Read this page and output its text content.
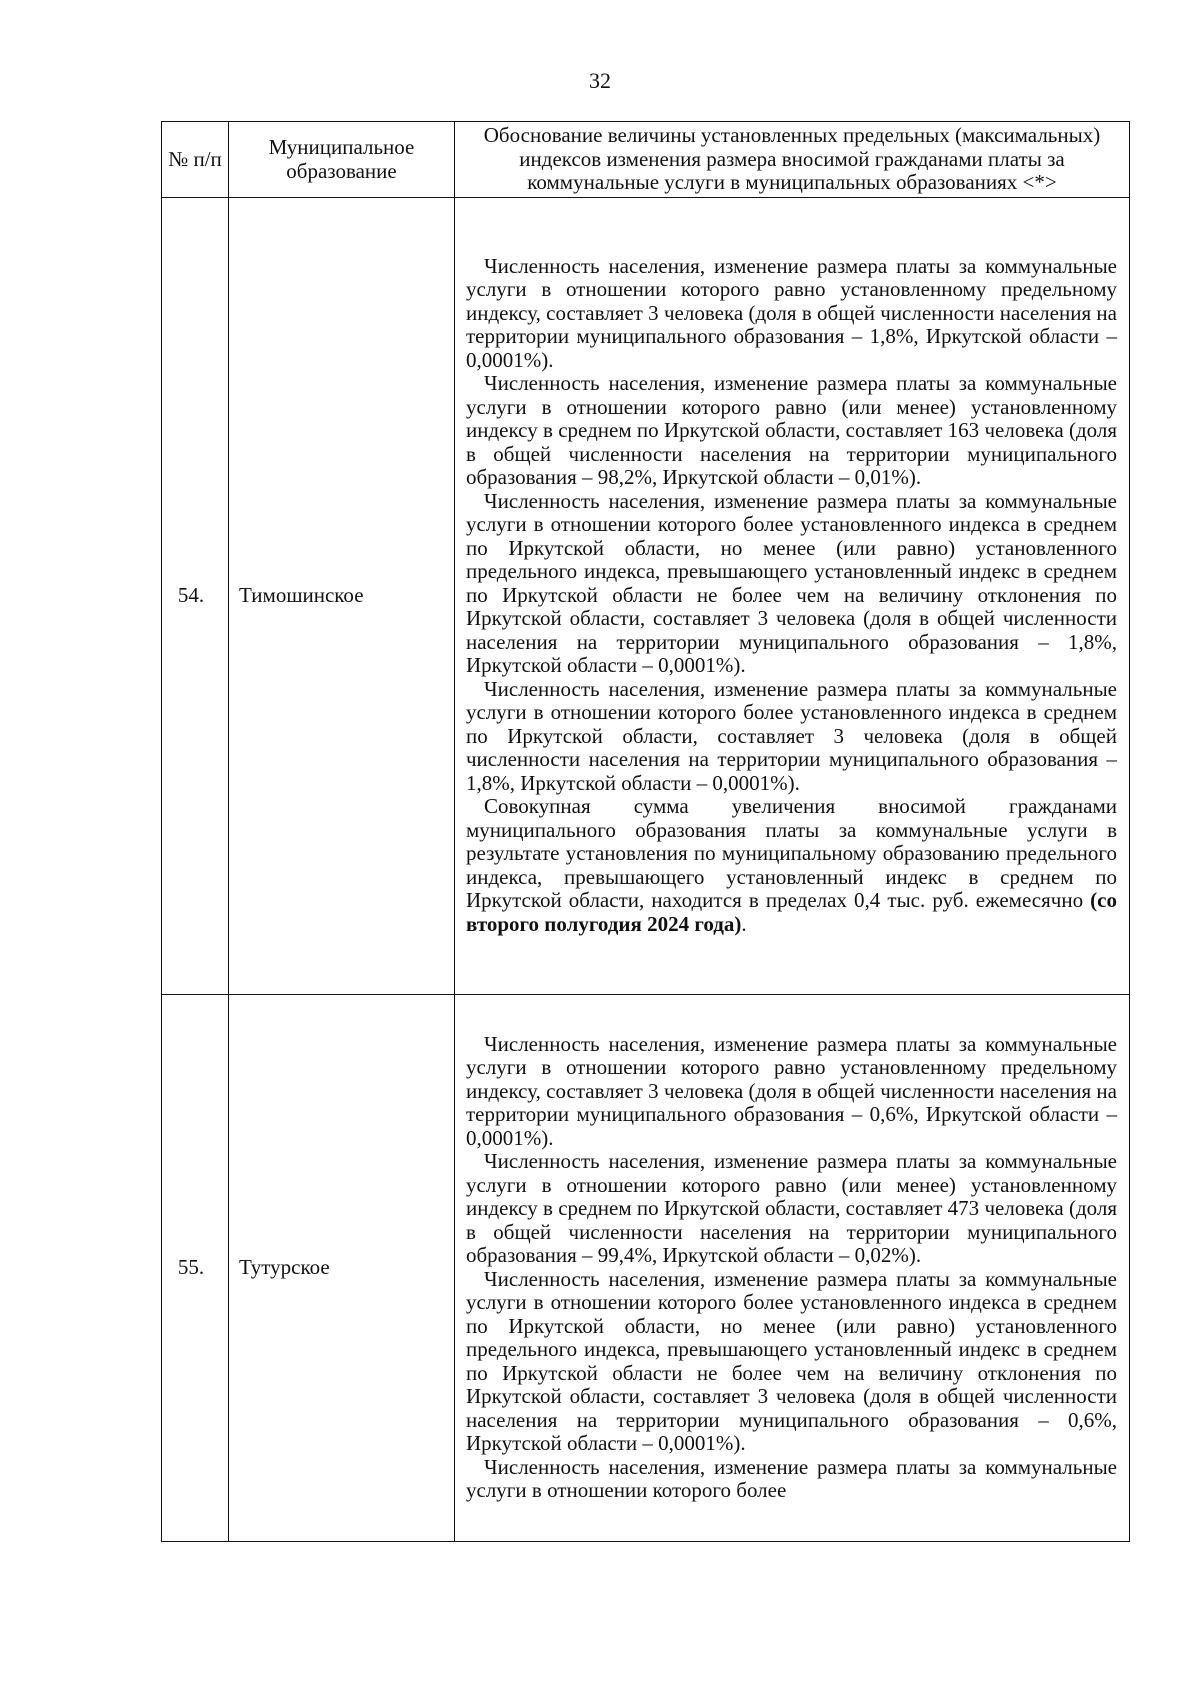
32
№ п/п	Муниципальное образование	Обоснование величины установленных предельных (максимальных) индексов изменения размера вносимой гражданами платы за коммунальные услуги в муниципальных образованиях <*>
54.	Тимошинское	Численность населения, изменение размера платы за коммунальные услуги в отношении которого равно установленному предельному индексу, составляет 3 человека (доля в общей численности населения на территории муниципального образования – 1,8%, Иркутской области – 0,0001%).

Численность населения, изменение размера платы за коммунальные услуги в отношении которого равно (или менее) установленному индексу в среднем по Иркутской области, составляет 163 человека (доля в общей численности населения на территории муниципального образования – 98,2%, Иркутской области – 0,01%).

Численность населения, изменение размера платы за коммунальные услуги в отношении которого более установленного индекса в среднем по Иркутской области, но менее (или равно) установленного предельного индекса, превышающего установленный индекс в среднем по Иркутской области не более чем на величину отклонения по Иркутской области, составляет 3 человека (доля в общей численности населения на территории муниципального образования – 1,8%, Иркутской области – 0,0001%).

Численность населения, изменение размера платы за коммунальные услуги в отношении которого более установленного индекса в среднем по Иркутской области, составляет 3 человека (доля в общей численности населения на территории муниципального образования – 1,8%, Иркутской области – 0,0001%).

Совокупная сумма увеличения вносимой гражданами муниципального образования платы за коммунальные услуги в результате установления по муниципальному образованию предельного индекса, превышающего установленный индекс в среднем по Иркутской области, находится в пределах 0,4 тыс. руб. ежемесячно (со второго полугодия 2024 года).

55.	Тутурское	Численность населения, изменение размера платы за коммунальные услуги в отношении которого равно установленному предельному индексу, составляет 3 человека (доля в общей численности населения на территории муниципального образования – 0,6%, Иркутской области – 0,0001%).

Численность населения, изменение размера платы за коммунальные услуги в отношении которого равно (или менее) установленному индексу в среднем по Иркутской области, составляет 473 человека (доля в общей численности населения на территории муниципального образования – 99,4%, Иркутской области – 0,02%).

Численность населения, изменение размера платы за коммунальные услуги в отношении которого более установленного индекса в среднем по Иркутской области, но менее (или равно) установленного предельного индекса, превышающего установленный индекс в среднем по Иркутской области не более чем на величину отклонения по Иркутской области, составляет 3 человека (доля в общей численности населения на территории муниципального образования – 0,6%, Иркутской области – 0,0001%).

Численность населения, изменение размера платы за коммунальные услуги в отношении которого более
